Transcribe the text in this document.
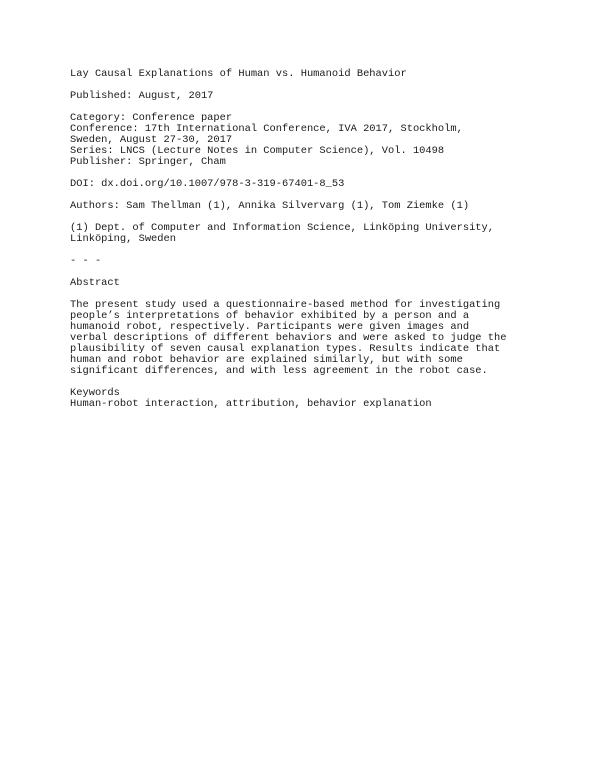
Lay Causal Explanations of Human vs. Humanoid Behavior
Published: August, 2017
Category: Conference paper
Conference: 17th International Conference, IVA 2017, Stockholm,
Sweden, August 27-30, 2017
Series: LNCS (Lecture Notes in Computer Science), Vol. 10498
Publisher: Springer, Cham
DOI: dx.doi.org/10.1007/978-3-319-67401-8_53
Authors: Sam Thellman (1), Annika Silvervarg (1), Tom Ziemke (1)
(1) Dept. of Computer and Information Science, Linköping University,
Linköping, Sweden
- - -
Abstract
The present study used a questionnaire-based method for investigating
people’s interpretations of behavior exhibited by a person and a
humanoid robot, respectively. Participants were given images and
verbal descriptions of different behaviors and were asked to judge the
plausibility of seven causal explanation types. Results indicate that
human and robot behavior are explained similarly, but with some
significant differences, and with less agreement in the robot case.
Keywords
Human-robot interaction, attribution, behavior explanation
